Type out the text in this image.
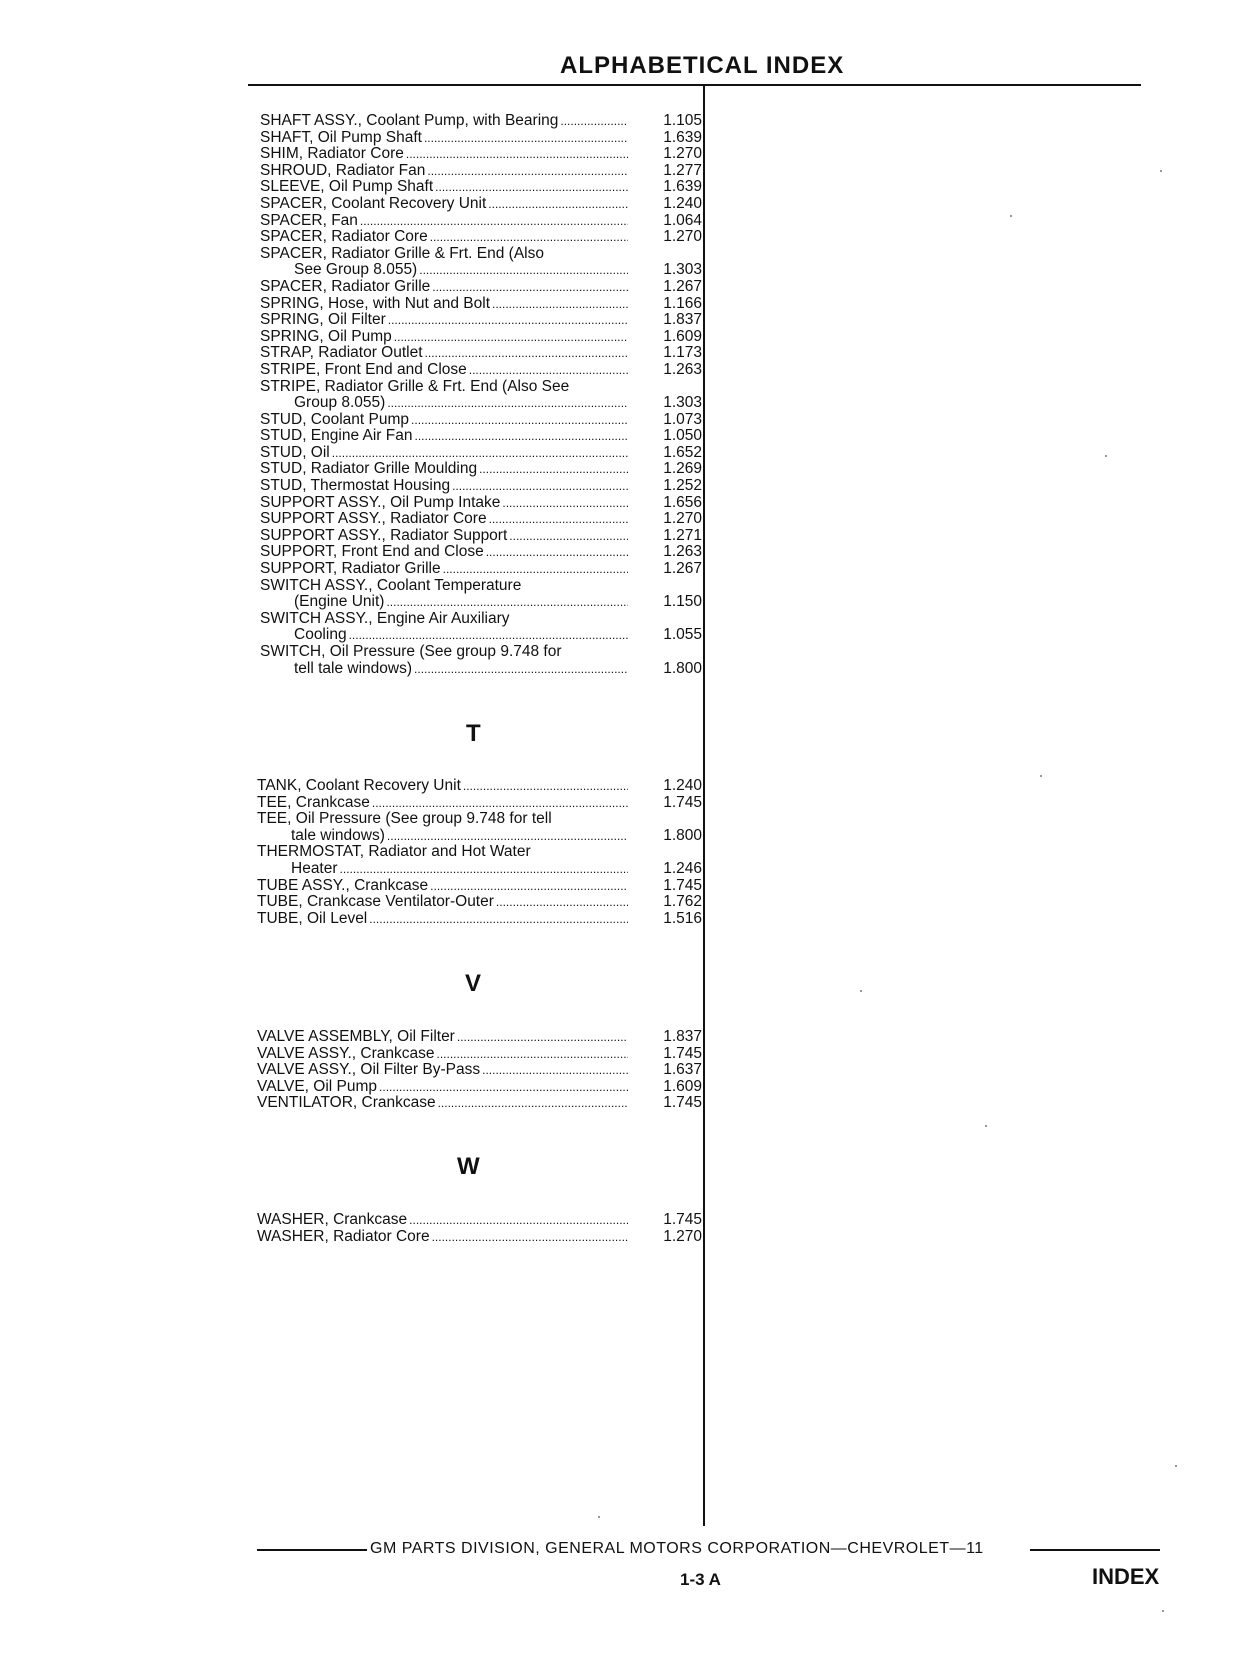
ALPHABETICAL INDEX
SHAFT ASSY., Coolant Pump, with Bearing .....	1.105
SHAFT, Oil Pump Shaft .....	1.639
SHIM, Radiator Core .....	1.270
SHROUD, Radiator Fan .....	1.277
SLEEVE, Oil Pump Shaft .....	1.639
SPACER, Coolant Recovery Unit .....	1.240
SPACER, Fan .....	1.064
SPACER, Radiator Core .....	1.270
SPACER, Radiator Grille & Frt. End (Also
See Group 8.055) .....	1.303
SPACER, Radiator Grille .....	1.267
SPRING, Hose, with Nut and Bolt .....	1.166
SPRING, Oil Filter .....	1.837
SPRING, Oil Pump .....	1.609
STRAP, Radiator Outlet .....	1.173
STRIPE, Front End and Close .....	1.263
STRIPE, Radiator Grille & Frt. End (Also See
Group 8.055) .....	1.303
STUD, Coolant Pump .....	1.073
STUD, Engine Air Fan .....	1.050
STUD, Oil .....	1.652
STUD, Radiator Grille Moulding .....	1.269
STUD, Thermostat Housing .....	1.252
SUPPORT ASSY., Oil Pump Intake .....	1.656
SUPPORT ASSY., Radiator Core .....	1.270
SUPPORT ASSY., Radiator Support .....	1.271
SUPPORT, Front End and Close .....	1.263
SUPPORT, Radiator Grille .....	1.267
SWITCH ASSY., Coolant Temperature
(Engine Unit) .....	1.150
SWITCH ASSY., Engine Air Auxiliary
Cooling .....	1.055
SWITCH, Oil Pressure (See group 9.748 for
tell tale windows) .....	1.800
T
TANK, Coolant Recovery Unit .....	1.240
TEE, Crankcase .....	1.745
TEE, Oil Pressure (See group 9.748 for tell
tale windows) .....	1.800
THERMOSTAT, Radiator and Hot Water
Heater .....	1.246
TUBE ASSY., Crankcase .....	1.745
TUBE, Crankcase Ventilator-Outer .....	1.762
TUBE, Oil Level .....	1.516
V
VALVE ASSEMBLY, Oil Filter .....	1.837
VALVE ASSY., Crankcase .....	1.745
VALVE ASSY., Oil Filter By-Pass .....	1.637
VALVE, Oil Pump .....	1.609
VENTILATOR, Crankcase .....	1.745
W
WASHER, Crankcase .....	1.745
WASHER, Radiator Core .....	1.270
GM PARTS DIVISION, GENERAL MOTORS CORPORATION—CHEVROLET—11
1-3 A	INDEX
